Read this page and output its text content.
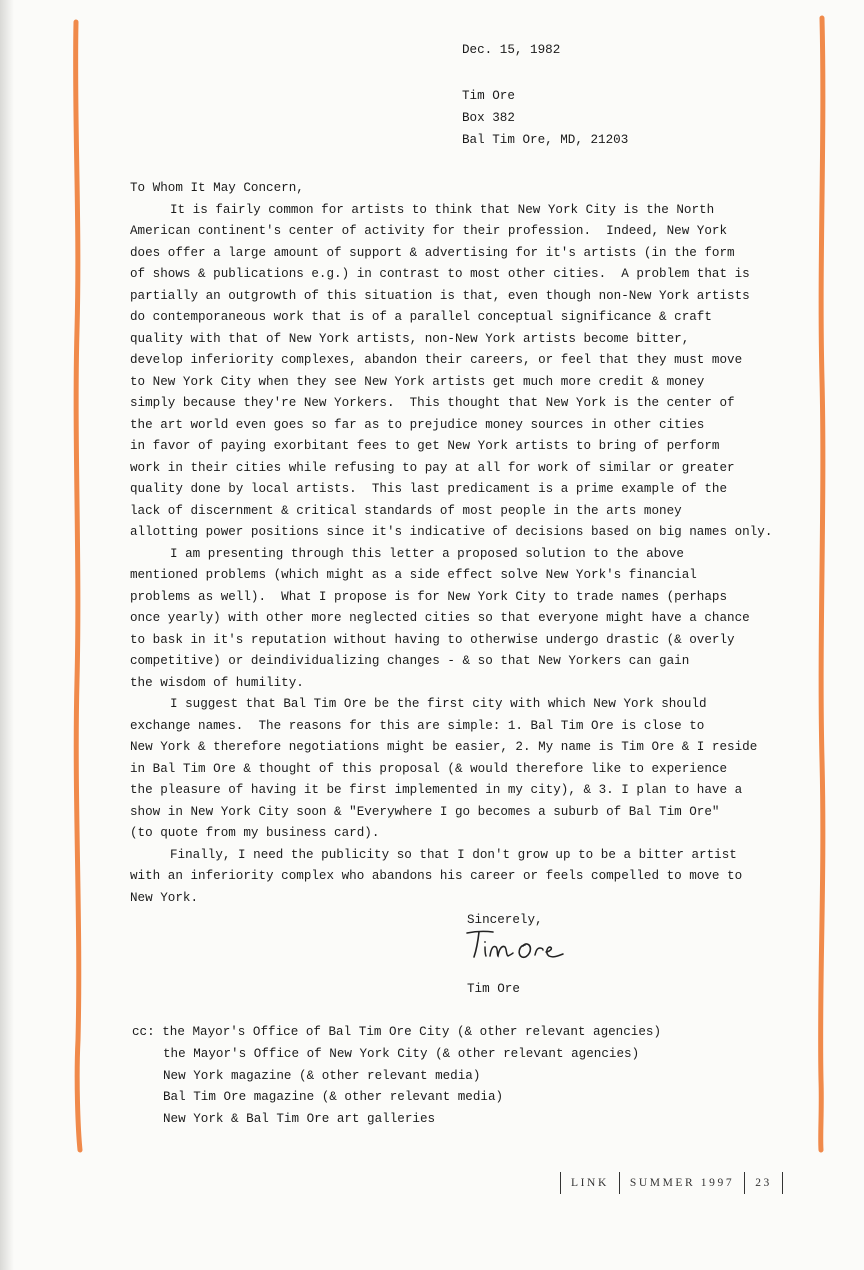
Dec. 15, 1982
Tim Ore
Box 382
Bal Tim Ore, MD, 21203
To Whom It May Concern,
It is fairly common for artists to think that New York City is the North
American continent's center of activity for their profession.  Indeed, New York
does offer a large amount of support & advertising for it's artists (in the form
of shows & publications e.g.) in contrast to most other cities.  A problem that is
partially an outgrowth of this situation is that, even though non-New York artists
do contemporaneous work that is of a parallel conceptual significance & craft
quality with that of New York artists, non-New York artists become bitter,
develop inferiority complexes, abandon their careers, or feel that they must move
to New York City when they see New York artists get much more credit & money
simply because they're New Yorkers.  This thought that New York is the center of
the art world even goes so far as to prejudice money sources in other cities
in favor of paying exorbitant fees to get New York artists to bring of perform
work in their cities while refusing to pay at all for work of similar or greater
quality done by local artists.  This last predicament is a prime example of the
lack of discernment & critical standards of most people in the arts money
allotting power positions since it's indicative of decisions based on big names only.
I am presenting through this letter a proposed solution to the above
mentioned problems (which might as a side effect solve New York's financial
problems as well).  What I propose is for New York City to trade names (perhaps
once yearly) with other more neglected cities so that everyone might have a chance
to bask in it's reputation without having to otherwise undergo drastic (& overly
competitive) or deindividualizing changes - & so that New Yorkers can gain
the wisdom of humility.
I suggest that Bal Tim Ore be the first city with which New York should
exchange names.  The reasons for this are simple: 1. Bal Tim Ore is close to
New York & therefore negotiations might be easier, 2. My name is Tim Ore & I reside
in Bal Tim Ore & thought of this proposal (& would therefore like to experience
the pleasure of having it be first implemented in my city), & 3. I plan to have a
show in New York City soon & "Everywhere I go becomes a suburb of Bal Tim Ore"
(to quote from my business card).
Finally, I need the publicity so that I don't grow up to be a bitter artist
with an inferiority complex who abandons his career or feels compelled to move to
New York.
Sincerely,
Tim Ore
cc: the Mayor's Office of Bal Tim Ore City (& other relevant agencies)
the Mayor's Office of New York City (& other relevant agencies)
New York magazine (& other relevant media)
Bal Tim Ore magazine (& other relevant media)
New York & Bal Tim Ore art galleries
LINK SUMMER 1997 23
